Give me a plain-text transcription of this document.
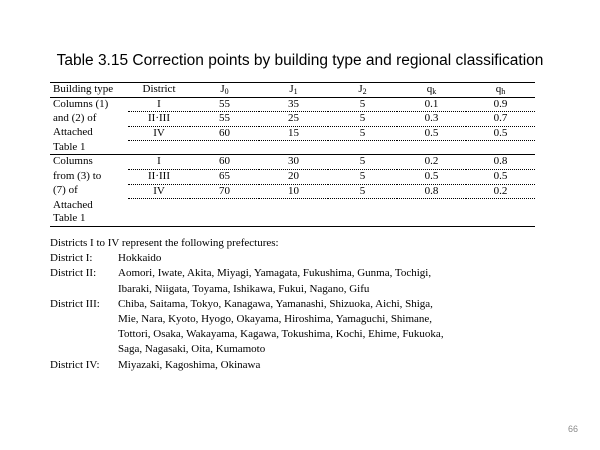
Table 3.15 Correction points by building type and regional classification
Building type	District	$J_0$	$J_1$	$J_2$	$q_k$	$q_h$
Columns (1)	I	55	35	5	0.1	0.9
and (2) of	II·III	55	25	5	0.3	0.7
Attached	IV	60	15	5	0.5	0.5
Table 1						
Columns	I	60	30	5	0.2	0.8
from (3) to	II·III	65	20	5	0.5	0.5
(7) of	IV	70	10	5	0.8	0.2
Attached						
Table 1						
Districts I to IV represent the following prefectures:
District I:	Hokkaido
District II:	Aomori, Iwate, Akita, Miyagi, Yamagata, Fukushima, Gunma, Tochigi,
Ibaraki, Niigata, Toyama, Ishikawa, Fukui, Nagano, Gifu
District III:	Chiba, Saitama, Tokyo, Kanagawa, Yamanashi, Shizuoka, Aichi, Shiga,
Mie, Nara, Kyoto, Hyogo, Okayama, Hiroshima, Yamaguchi, Shimane,
Tottori, Osaka, Wakayama, Kagawa, Tokushima, Kochi, Ehime, Fukuoka,
Saga, Nagasaki, Oita, Kumamoto
District IV:	Miyazaki, Kagoshima, Okinawa
66
